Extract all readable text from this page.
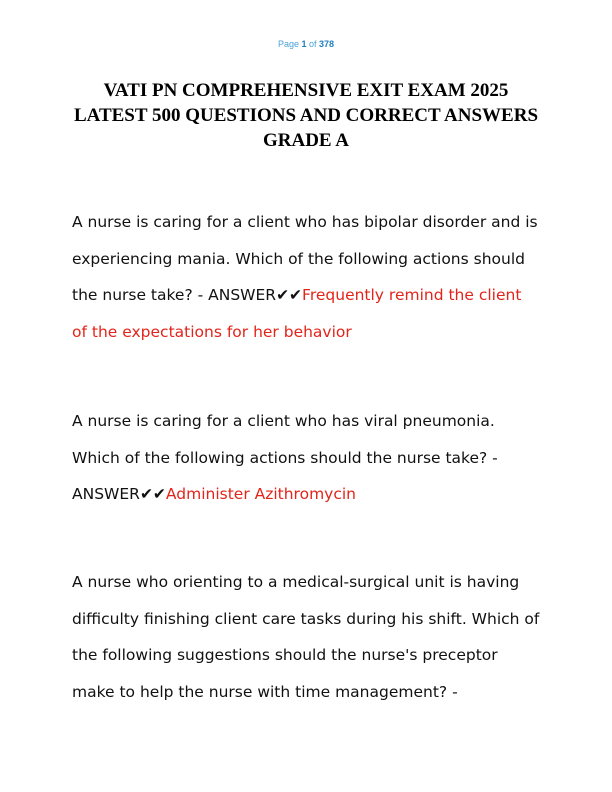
Page 1 of 378
VATI PN COMPREHENSIVE EXIT EXAM 2025
LATEST 500 QUESTIONS AND CORRECT ANSWERS
GRADE A
A nurse is caring for a client who has bipolar disorder and is
experiencing mania. Which of the following actions should
the nurse take? - ANSWER✔✔Frequently remind the client
of the expectations for her behavior
A nurse is caring for a client who has viral pneumonia.
Which of the following actions should the nurse take? -
ANSWER✔✔Administer Azithromycin
A nurse who orienting to a medical-surgical unit is having
difficulty finishing client care tasks during his shift. Which of
the following suggestions should the nurse's preceptor
make to help the nurse with time management? -
